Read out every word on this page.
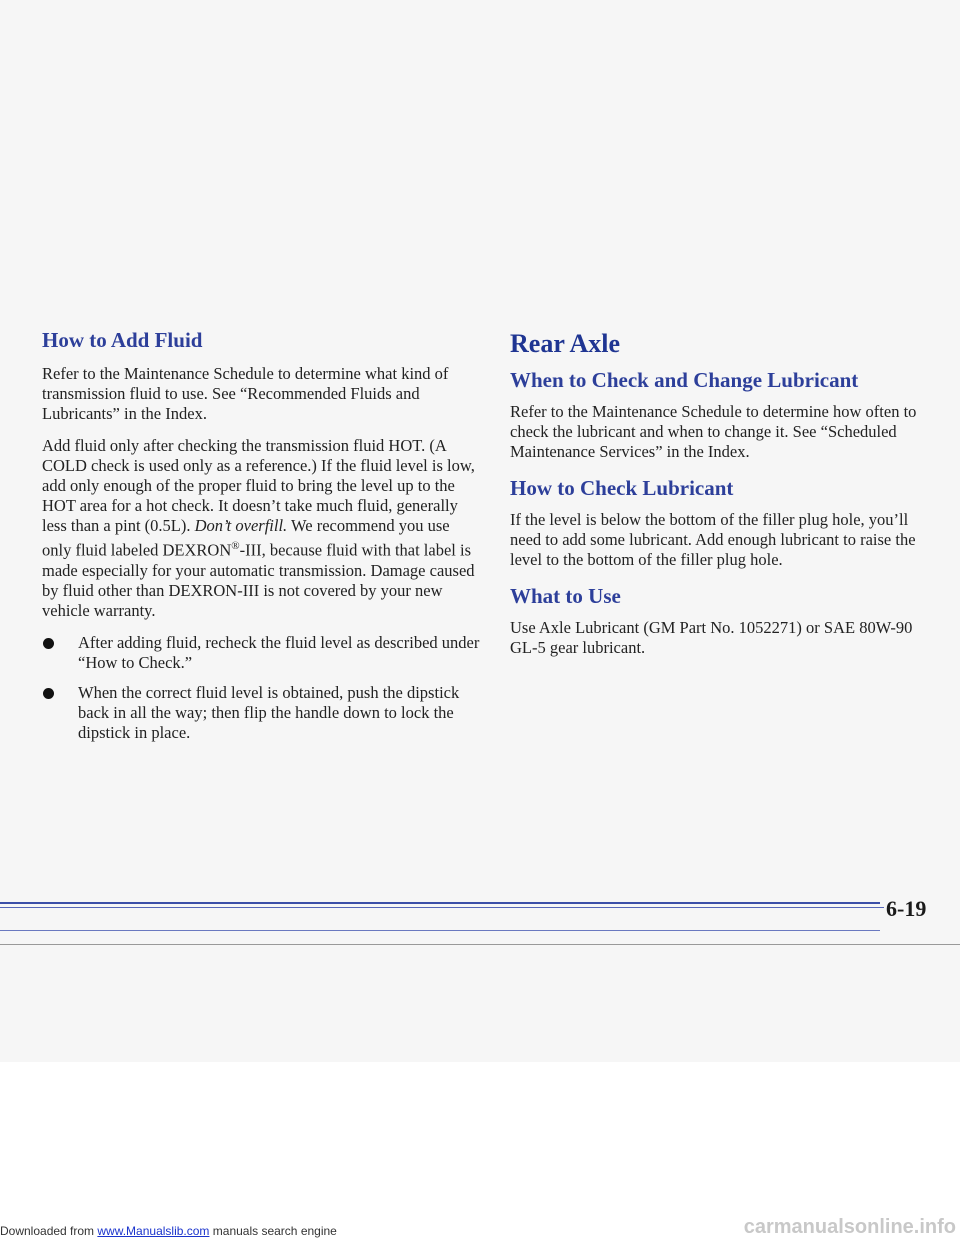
How to Add Fluid

Refer to the Maintenance Schedule to determine what kind of transmission fluid to use. See “Recommended Fluids and Lubricants” in the Index.

Add fluid only after checking the transmission fluid HOT. (A COLD check is used only as a reference.) If the fluid level is low, add only enough of the proper fluid to bring the level up to the HOT area for a hot check. It doesn’t take much fluid, generally less than a pint (0.5L). Don’t overfill. We recommend you use only fluid labeled DEXRON®-III, because fluid with that label is made especially for your automatic transmission. Damage caused by fluid other than DEXRON-III is not covered by your new vehicle warranty.

After adding fluid, recheck the fluid level as described under “How to Check.”
When the correct fluid level is obtained, push the dipstick back in all the way; then flip the handle down to lock the dipstick in place.
Rear Axle
When to Check and Change Lubricant

Refer to the Maintenance Schedule to determine how often to check the lubricant and when to change it. See “Scheduled Maintenance Services” in the Index.

How to Check Lubricant

If the level is below the bottom of the filler plug hole, you’ll need to add some lubricant. Add enough lubricant to raise the level to the bottom of the filler plug hole.

What to Use

Use Axle Lubricant (GM Part No. 1052271) or SAE 80W-90 GL-5 gear lubricant.

6-19
Downloaded from www.Manualslib.com manuals search engine	carmanualsonline.info
